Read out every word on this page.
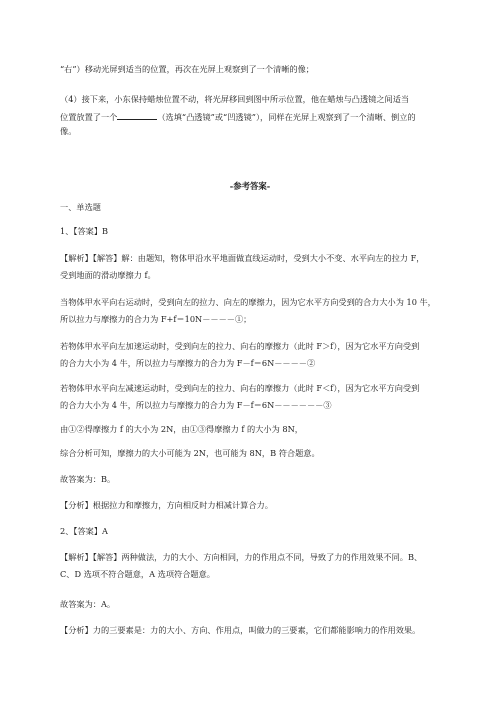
“右”）移动光屏到适当的位置，再次在光屏上观察到了一个清晰的像；
（4）接下来，小东保持蜡烛位置不动，将光屏移回到图中所示位置，他在蜡烛与凸透镜之间适当
位置放置了一个	（选填“凸透镜”或“凹透镜”），同样在光屏上观察到了一个清晰、倒立的
像。
-参考答案-
一、单选题
1、【答案】B
【解析】【解答】解：由题知，物体甲沿水平地面做直线运动时，受到大小不变、水平向左的拉力 F，
受到地面的滑动摩擦力 f。
当物体甲水平向右运动时，受到向左的拉力、向左的摩擦力，因为它水平方向受到的合力大小为 10 牛，
所以拉力与摩擦力的合力为 F+f＝10N－－－－①；
若物体甲水平向左加速运动时，受到向左的拉力、向右的摩擦力（此时 F＞f），因为它水平方向受到
的合力大小为 4 牛，所以拉力与摩擦力的合力为 F－f＝6N－－－－②
若物体甲水平向左减速运动时，受到向左的拉力、向右的摩擦力（此时 F＜f），因为它水平方向受到
的合力大小为 4 牛，所以拉力与摩擦力的合力为 F－f＝6N－－－－－－③
由①②得摩擦力 f 的大小为 2N，由①③得摩擦力 f 的大小为 8N，
综合分析可知，摩擦力的大小可能为 2N，也可能为 8N，B 符合题意。
故答案为：B。
【分析】根据拉力和摩擦力，方向相反时力相减计算合力。
2、【答案】A
【解析】【解答】两种做法，力的大小、方向相同，力的作用点不同，导致了力的作用效果不同。B、
C、D 选项不符合题意，A 选项符合题意。
故答案为：A。
【分析】力的三要素是：力的大小、方向、作用点，叫做力的三要素，它们都能影响力的作用效果。
